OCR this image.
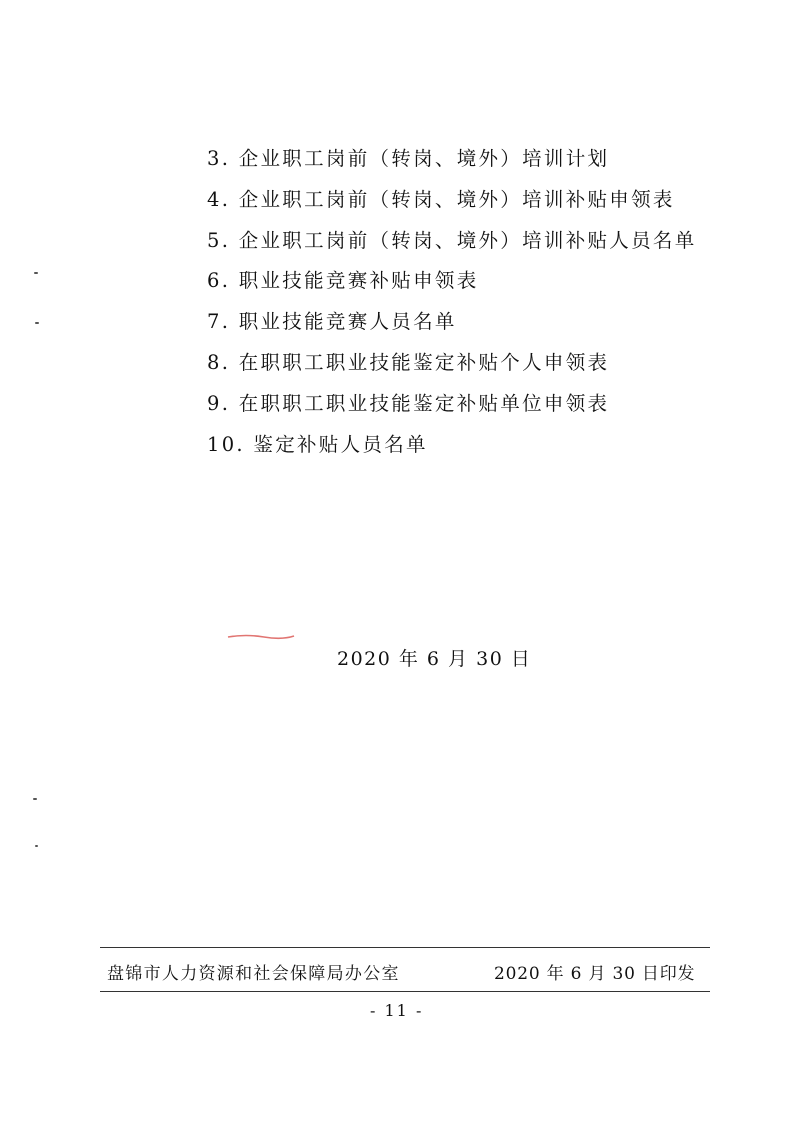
3. 企业职工岗前（转岗、境外）培训计划
4. 企业职工岗前（转岗、境外）培训补贴申领表
5. 企业职工岗前（转岗、境外）培训补贴人员名单
6. 职业技能竞赛补贴申领表
7. 职业技能竞赛人员名单
8. 在职职工职业技能鉴定补贴个人申领表
9. 在职职工职业技能鉴定补贴单位申领表
10. 鉴定补贴人员名单
2020 年 6 月 30 日
盘锦市人力资源和社会保障局办公室	2020 年 6 月 30 日印发
- 11 -
